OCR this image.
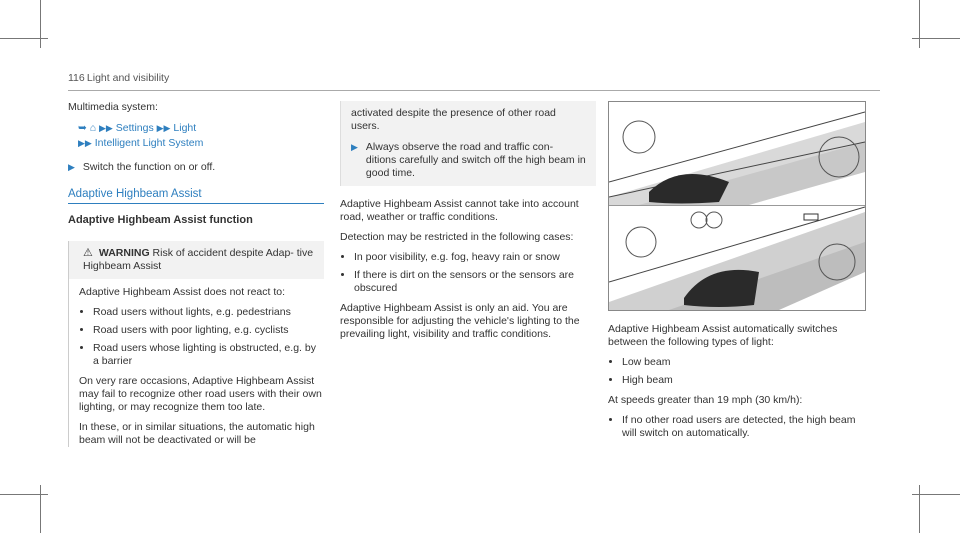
116 Light and visibility

Multimedia system:

➥ ⌂ ▶▶ Settings ▶▶ Light
▶▶ Intelligent Light System
▶ Switch the function on or off.
Adaptive Highbeam Assist
Adaptive Highbeam Assist function
⚠ WARNING Risk of accident despite Adap‑ tive Highbeam Assist

Adaptive Highbeam Assist does not react to:

• Road users without lights, e.g. pedestrians
• Road users with poor lighting, e.g. cyclists
• Road users whose lighting is obstructed, e.g. by a barrier

On very rare occasions, Adaptive Highbeam Assist may fail to recognize other road users with their own lighting, or may recognize them too late.

In these, or in similar situations, the automatic high beam will not be deactivated or will be

activated despite the presence of other road users.

▶ Always observe the road and traffic con‑ ditions carefully and switch off the high beam in good time.

Adaptive Highbeam Assist cannot take into account road, weather or traffic conditions.

Detection may be restricted in the following cases:

• In poor visibility, e.g. fog, heavy rain or snow
• If there is dirt on the sensors or the sensors are obscured

Adaptive Highbeam Assist is only an aid. You are responsible for adjusting the vehicle's lighting to the prevailing light, visibility and traffic conditions.	Adaptive Highbeam Assist automatically switches between the following types of light:

• Low beam
• High beam

At speeds greater than 19 mph (30 km/h):

• If no other road users are detected, the high beam will switch on automatically.
